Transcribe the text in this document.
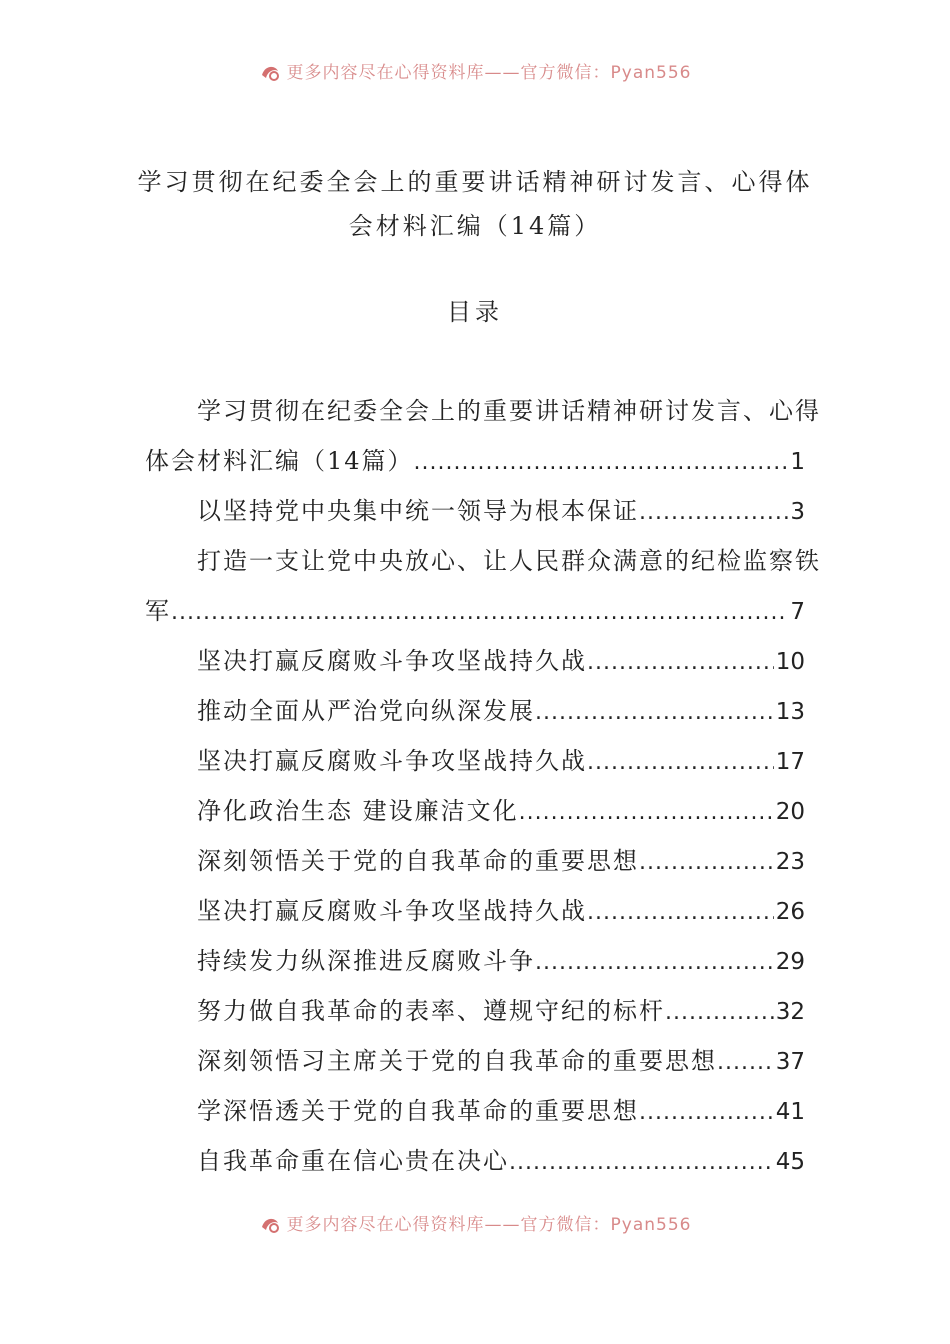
更多内容尽在心得资料库——官方微信：Pyan556
学习贯彻在纪委全会上的重要讲话精神研讨发言、心得体
会材料汇编（14篇）
目录
学习贯彻在纪委全会上的重要讲话精神研讨发言、心得
体会材料汇编（14篇） .....	1
以坚持党中央集中统一领导为根本保证 .....	3
打造一支让党中央放心、让人民群众满意的纪检监察铁
军 .....	7
坚决打赢反腐败斗争攻坚战持久战 .....	10
推动全面从严治党向纵深发展 .....	13
坚决打赢反腐败斗争攻坚战持久战 .....	17
净化政治生态 建设廉洁文化 .....	20
深刻领悟关于党的自我革命的重要思想 .....	23
坚决打赢反腐败斗争攻坚战持久战 .....	26
持续发力纵深推进反腐败斗争 .....	29
努力做自我革命的表率、遵规守纪的标杆 .....	32
深刻领悟习主席关于党的自我革命的重要思想 .....	37
学深悟透关于党的自我革命的重要思想 .....	41
自我革命重在信心贵在决心 .....	45
更多内容尽在心得资料库——官方微信：Pyan556
